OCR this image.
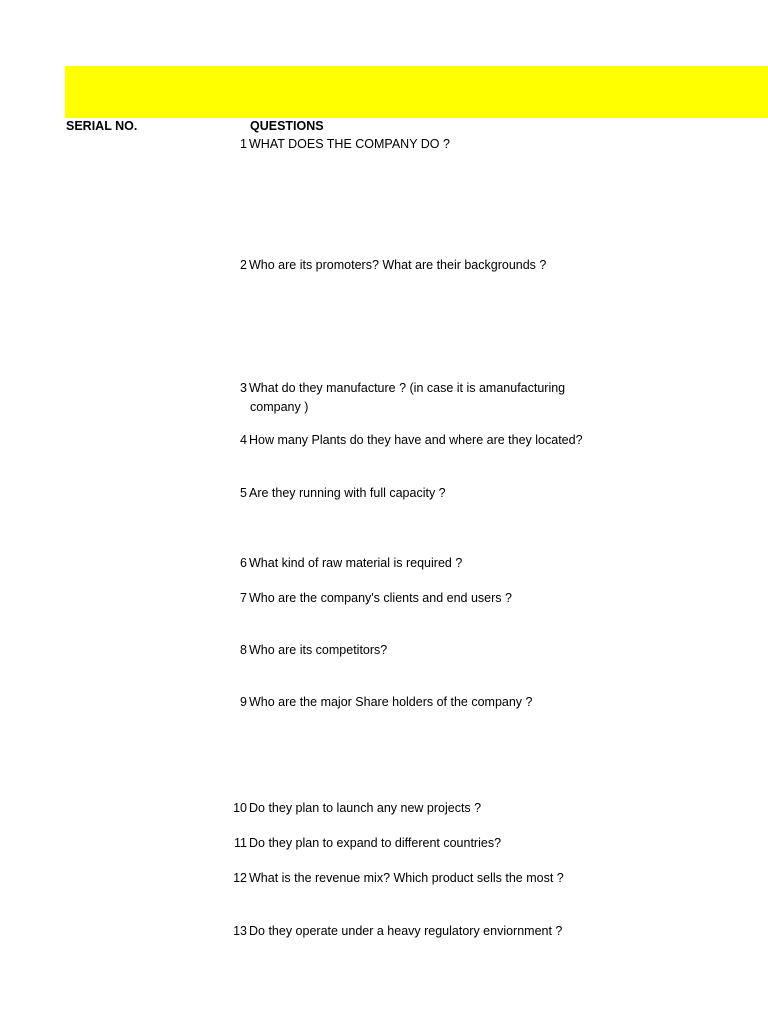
SERIAL NO.	QUESTIONS
1 WHAT DOES THE COMPANY DO ?
2 Who are its promoters? What are their backgrounds ?
3 What do they manufacture ? (in case it is amanufacturing company )
4 How many Plants do they have and where are they located?
5 Are they running with full capacity ?
6 What kind of raw material is required ?
7 Who are the company's clients and end users ?
8 Who are its competitors?
9 Who are the major Share holders of the company ?
10 Do they plan to launch any new projects ?
11 Do they plan to expand to different countries?
12 What is the revenue mix? Which product sells the most ?
13 Do they operate under a heavy regulatory enviornment ?
